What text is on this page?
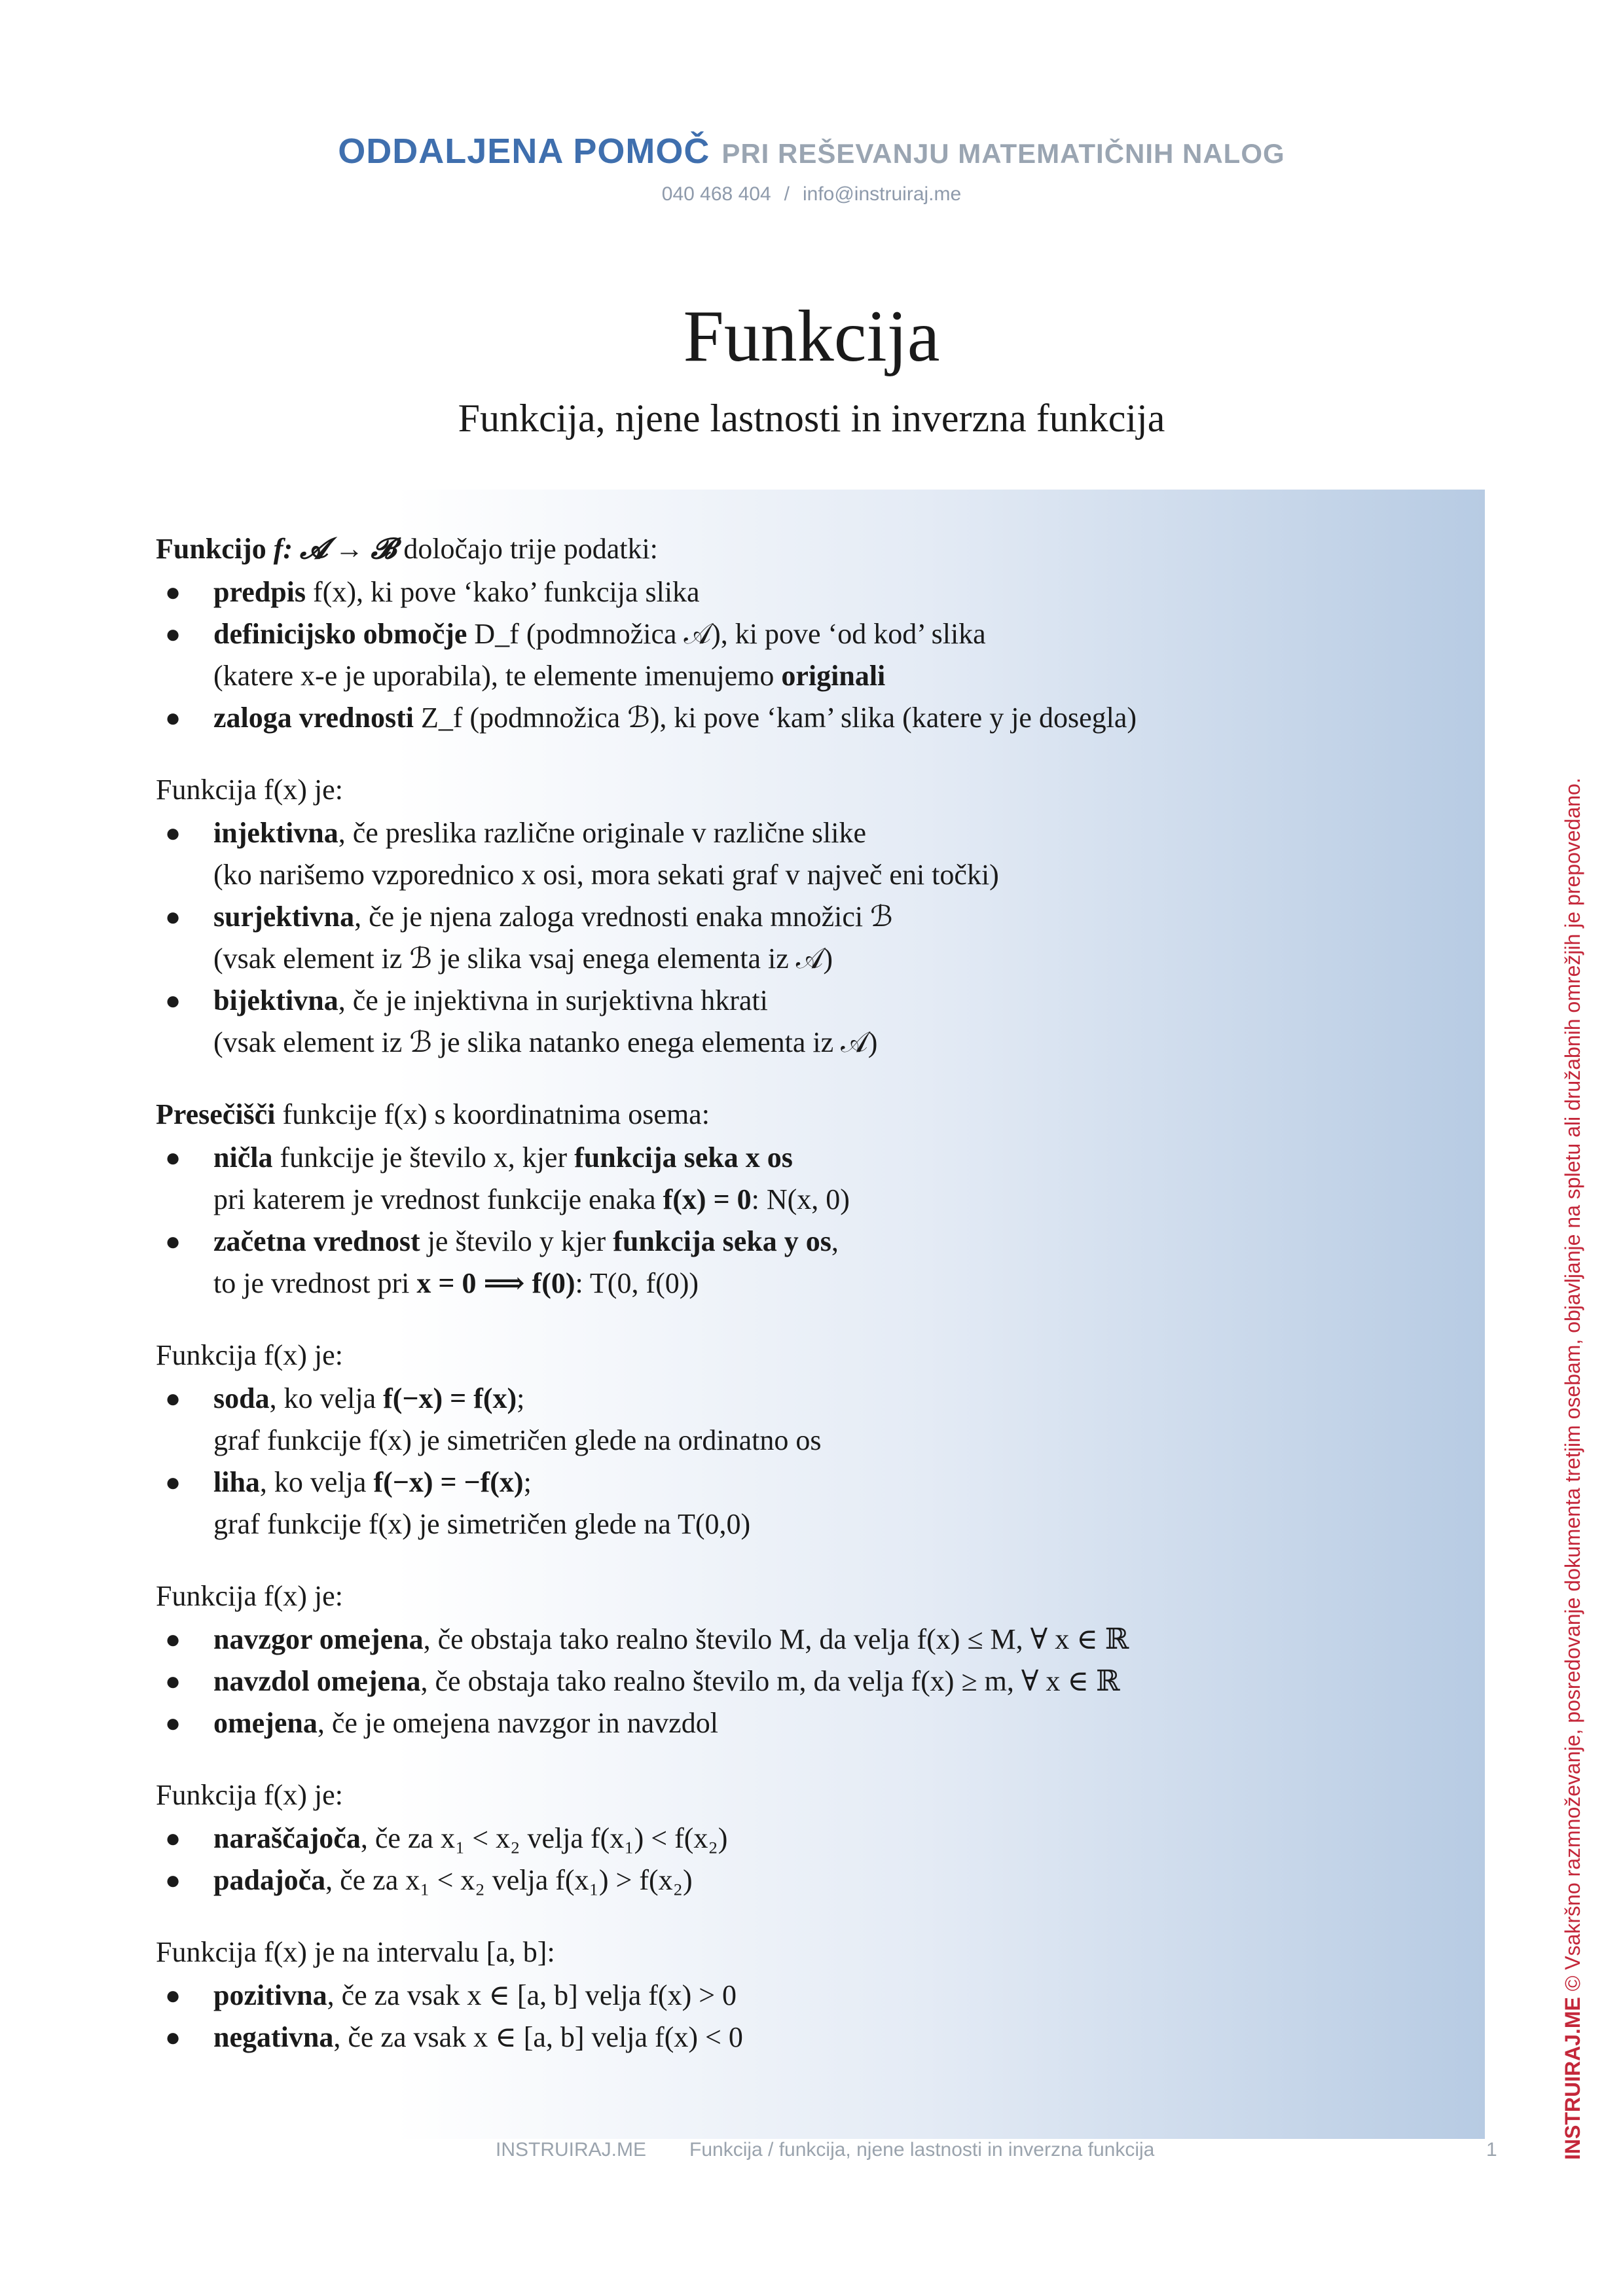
ODDALJENA POMOČ PRI REŠEVANJU MATEMATIČNIH NALOG
040 468 404 / info@instruiraj.me
Funkcija
Funkcija, njene lastnosti in inverzna funkcija
Funkcijo f: 𝓐 → 𝓑 določajo trije podatki:
● predpis f(x), ki pove ‘kako’ funkcija slika
● definicijsko območje D_f (podmnožica 𝒜), ki pove ‘od kod’ slika
(katere x-e je uporabila), te elemente imenujemo originali
● zaloga vrednosti Z_f (podmnožica ℬ), ki pove ‘kam’ slika (katere y je dosegla)
Funkcija f(x) je:
● injektivna, če preslika različne originale v različne slike
(ko narišemo vzporednico x osi, mora sekati graf v največ eni točki)
● surjektivna, če je njena zaloga vrednosti enaka množici ℬ
(vsak element iz ℬ je slika vsaj enega elementa iz 𝒜)
● bijektivna, če je injektivna in surjektivna hkrati
(vsak element iz ℬ je slika natanko enega elementa iz 𝒜)
Presečišči funkcije f(x) s koordinatnima osema:
● ničla funkcije je število x, kjer funkcija seka x os
pri katerem je vrednost funkcije enaka f(x) = 0: N(x, 0)
● začetna vrednost je število y kjer funkcija seka y os,
to je vrednost pri x = 0 ⟹ f(0): T(0, f(0))
Funkcija f(x) je:
● soda, ko velja f(−x) = f(x);
graf funkcije f(x) je simetričen glede na ordinatno os
● liha, ko velja f(−x) = −f(x);
graf funkcije f(x) je simetričen glede na T(0,0)
Funkcija f(x) je:
● navzgor omejena, če obstaja tako realno število M, da velja f(x) ≤ M, ∀ x ∈ ℝ
● navzdol omejena, če obstaja tako realno število m, da velja f(x) ≥ m, ∀ x ∈ ℝ
● omejena, če je omejena navzgor in navzdol
Funkcija f(x) je:
● naraščajoča, če za x₁ < x₂ velja f(x₁) < f(x₂)
● padajoča, če za x₁ < x₂ velja f(x₁) > f(x₂)
Funkcija f(x) je na intervalu [a, b]:
● pozitivna, če za vsak x ∈ [a, b] velja f(x) > 0
● negativna, če za vsak x ∈ [a, b] velja f(x) < 0
INSTRUIRAJ.ME Funkcija / funkcija, njene lastnosti in inverzna funkcija	1	INSTRUIRAJ.ME © Vsakršno razmnoževanje, posredovanje dokumenta tretjim osebam, objavljanje na spletu ali družabnih omrežjih je prepovedano.
